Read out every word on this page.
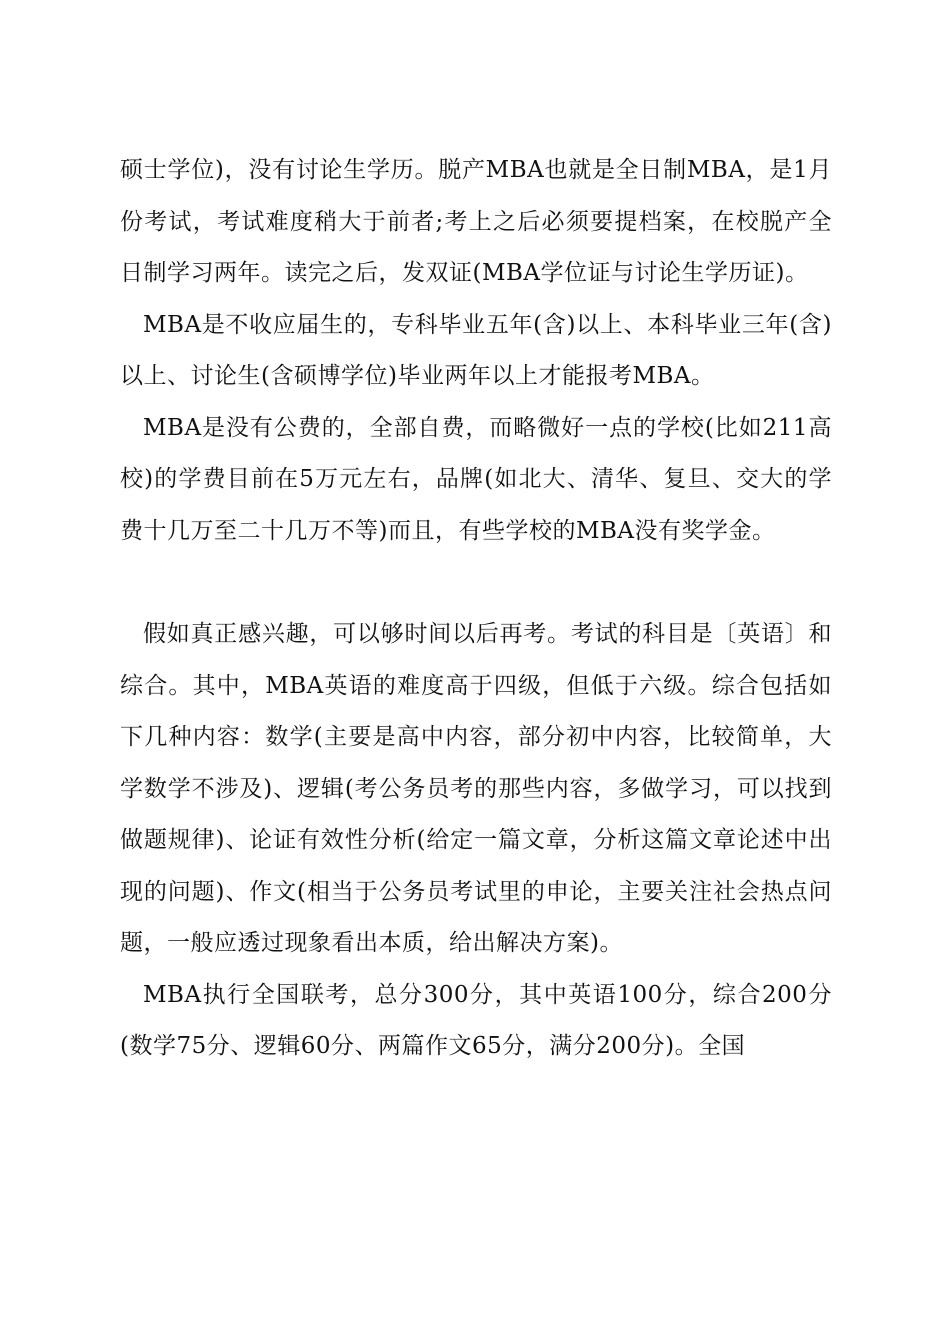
硕士学位)，没有讨论生学历。脱产MBA也就是全日制MBA，是1月份考试，考试难度稍大于前者;考上之后必须要提档案，在校脱产全日制学习两年。读完之后，发双证(MBA学位证与讨论生学历证)。

MBA是不收应届生的，专科毕业五年(含)以上、本科毕业三年(含)以上、讨论生(含硕博学位)毕业两年以上才能报考MBA。

MBA是没有公费的，全部自费，而略微好一点的学校(比如211高校)的学费目前在5万元左右，品牌(如北大、清华、复旦、交大的学费十几万至二十几万不等)而且，有些学校的MBA没有奖学金。

假如真正感兴趣，可以够时间以后再考。考试的科目是〔英语〕和综合。其中，MBA英语的难度高于四级，但低于六级。综合包括如下几种内容：数学(主要是高中内容，部分初中内容，比较简单，大学数学不涉及)、逻辑(考公务员考的那些内容，多做学习，可以找到做题规律)、论证有效性分析(给定一篇文章，分析这篇文章论述中出现的问题)、作文(相当于公务员考试里的申论，主要关注社会热点问题，一般应透过现象看出本质，给出解决方案)。

MBA执行全国联考，总分300分，其中英语100分，综合200分(数学75分、逻辑60分、两篇作文65分，满分200分)。全国
